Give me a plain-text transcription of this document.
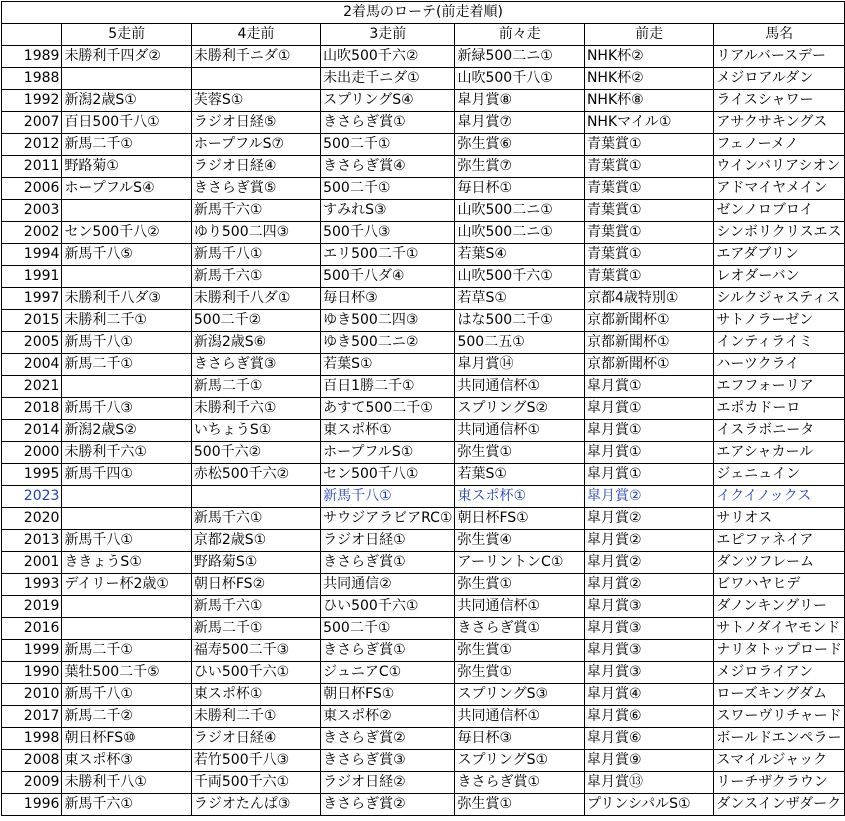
2着馬のローテ(前走着順)						
	5走前	4走前	3走前	前々走	前走	馬名
1989	未勝利千四ダ②	未勝利千ニダ①	山吹500千六②	新緑500二ニ①	NHK杯②	リアルバースデー
1988			未出走千ニダ①	山吹500千八①	NHK杯②	メジロアルダン
1992	新潟2歳S①	芙蓉S①	スプリングS④	皐月賞⑧	NHK杯⑧	ライスシャワー
2007	百日500千八①	ラジオ日経⑤	きさらぎ賞①	皐月賞⑦	NHKマイル①	アサクサキングス
2012	新馬二千①	ホープフルS⑦	500二千①	弥生賞⑥	青葉賞①	フェノーメノ
2011	野路菊①	ラジオ日経④	きさらぎ賞④	弥生賞⑦	青葉賞①	ウインバリアシオン
2006	ホープフルS④	きさらぎ賞⑤	500二千①	毎日杯①	青葉賞①	アドマイヤメイン
2003		新馬千六①	すみれS③	山吹500二ニ①	青葉賞①	ゼンノロブロイ
2002	セン500千八②	ゆり500二四③	500千八③	山吹500二ニ①	青葉賞①	シンボリクリスエス
1994	新馬千八⑤	新馬千八①	エリ500二千①	若葉S④	青葉賞①	エアダブリン
1991		新馬千六①	500千八ダ④	山吹500千六①	青葉賞①	レオダーバン
1997	未勝利千八ダ③	未勝利千八ダ①	毎日杯③	若草S①	京都4歳特別①	シルクジャスティス
2015	未勝利二千①	500二千②	ゆき500二四③	はな500二千①	京都新聞杯①	サトノラーゼン
2005	新馬千八①	新潟2歳S⑥	ゆき500二ニ②	500二五①	京都新聞杯①	インティライミ
2004	新馬二千①	きさらぎ賞③	若葉S①	皐月賞⑭	京都新聞杯①	ハーツクライ
2021		新馬二千①	百日1勝二千①	共同通信杯①	皐月賞①	エフフォーリア
2018	新馬千八③	未勝利千六①	あすて500二千①	スプリングS②	皐月賞①	エポカドーロ
2014	新潟2歳S②	いちょうS①	東スポ杯①	共同通信杯①	皐月賞①	イスラボニータ
2000	未勝利千六①	500千六②	ホープフルS①	弥生賞①	皐月賞①	エアシャカール
1995	新馬千四①	赤松500千六②	セン500千八①	若葉S①	皐月賞①	ジェニュイン
2023			新馬千八①	東スポ杯①	皐月賞②	イクイノックス
2020		新馬千六①	サウジアラビアRC①	朝日杯FS①	皐月賞②	サリオス
2013	新馬千八①	京都2歳S①	ラジオ日経①	弥生賞④	皐月賞②	エピファネイア
2001	ききょうS①	野路菊S①	きさらぎ賞①	アーリントンC①	皐月賞②	ダンツフレーム
1993	デイリー杯2歳①	朝日杯FS②	共同通信②	弥生賞①	皐月賞②	ビワハヤヒデ
2019		新馬千六①	ひい500千六①	共同通信杯①	皐月賞③	ダノンキングリー
2016		新馬二千①	500二千①	きさらぎ賞①	皐月賞③	サトノダイヤモンド
1999	新馬二千①	福寿500二千③	きさらぎ賞①	弥生賞①	皐月賞③	ナリタトップロード
1990	葉牡500二千⑤	ひい500千六①	ジュニアC①	弥生賞①	皐月賞③	メジロライアン
2010	新馬千八①	東スポ杯①	朝日杯FS①	スプリングS③	皐月賞④	ローズキングダム
2017	新馬二千②	未勝利二千①	東スポ杯②	共同通信杯①	皐月賞⑥	スワーヴリチャード
1998	朝日杯FS⑩	ラジオ日経④	きさらぎ賞②	毎日杯③	皐月賞⑥	ボールドエンペラー
2008	東スポ杯③	若竹500千八③	きさらぎ賞③	スプリングS①	皐月賞⑨	スマイルジャック
2009	未勝利千八①	千両500千六①	ラジオ日経②	きさらぎ賞①	皐月賞⑬	リーチザクラウン
1996	新馬千六①	ラジオたんぱ③	きさらぎ賞②	弥生賞①	プリンシパルS①	ダンスインザダーク
